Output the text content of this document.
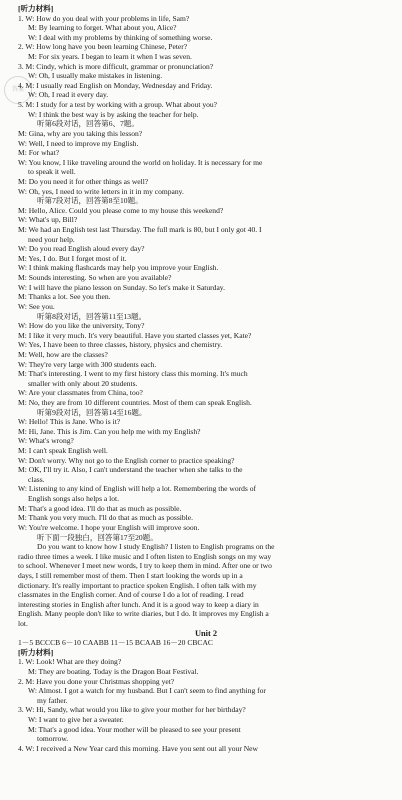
答案
[听力材料]
1. W: How do you deal with your problems in life, Sam?
M: By learning to forget. What about you, Alice?
W: I deal with my problems by thinking of something worse.
2. W: How long have you been learning Chinese, Peter?
M: For six years. I began to learn it when I was seven.
3. M: Cindy, which is more difficult, grammar or pronunciation?
W: Oh, I usually make mistakes in listening.
4. M: I usually read English on Monday, Wednesday and Friday.
W: Oh, I read it every day.
5. M: I study for a test by working with a group. What about you?
W: I think the best way is by asking the teacher for help.
听第6段对话，回答第6、7题。
M: Gina, why are you taking this lesson?
W: Well, I need to improve my English.
M: For what?
W: You know, I like traveling around the world on holiday. It is necessary for me
to speak it well.
M: Do you need it for other things as well?
W: Oh, yes, I need to write letters in it in my company.
听第7段对话，回答第8至10题。
M: Hello, Alice. Could you please come to my house this weekend?
W: What's up, Bill?
M: We had an English test last Thursday. The full mark is 80, but I only got 40. I
need your help.
W: Do you read English aloud every day?
M: Yes, I do. But I forget most of it.
W: I think making flashcards may help you improve your English.
M: Sounds interesting. So when are you available?
W: I will have the piano lesson on Sunday. So let's make it Saturday.
M: Thanks a lot. See you then.
W: See you.
听第8段对话，回答第11至13题。
W: How do you like the university, Tony?
M: I like it very much. It's very beautiful. Have you started classes yet, Kate?
W: Yes, I have been to three classes, history, physics and chemistry.
M: Well, how are the classes?
W: They're very large with 300 students each.
M: That's interesting. I went to my first history class this morning. It's much
smaller with only about 20 students.
W: Are your classmates from China, too?
M: No, they are from 10 different countries. Most of them can speak English.
听第9段对话，回答第14至16题。
W: Hello! This is Jane. Who is it?
M: Hi, Jane. This is Jim. Can you help me with my English?
W: What's wrong?
M: I can't speak English well.
W: Don't worry. Why not go to the English corner to practice speaking?
M: OK, I'll try it. Also, I can't understand the teacher when she talks to the
class.
W: Listening to any kind of English will help a lot. Remembering the words of
English songs also helps a lot.
M: That's a good idea. I'll do that as much as possible.
M: Thank you very much. I'll do that as much as possible.
W: You're welcome. I hope your English will improve soon.
听下面一段独白，回答第17至20题。
Do you want to know how I study English? I listen to English programs on the
radio three times a week. I like music and I often listen to English songs on my way
to school. Whenever I meet new words, I try to keep them in mind. After one or two
days, I still remember most of them. Then I start looking the words up in a
dictionary. It's really important to practice spoken English. I often talk with my
classmates in the English corner. And of course I do a lot of reading. I read
interesting stories in English after lunch. And it is a good way to keep a diary in
English. Many people don't like to write diaries, but I do. It improves my English a
lot.
Unit 2
1－5 BCCCB 6－10 CAABB 11－15 BCAAB 16－20 CBCAC
[听力材料]
1. W: Look! What are they doing?
M: They are boating. Today is the Dragon Boat Festival.
2. M: Have you done your Christmas shopping yet?
W: Almost. I got a watch for my husband. But I can't seem to find anything for
my father.
3. W: Hi, Sandy, what would you like to give your mother for her birthday?
W: I want to give her a sweater.
M: That's a good idea. Your mother will be pleased to see your present
tomorrow.
4. W: I received a New Year card this morning. Have you sent out all your New
